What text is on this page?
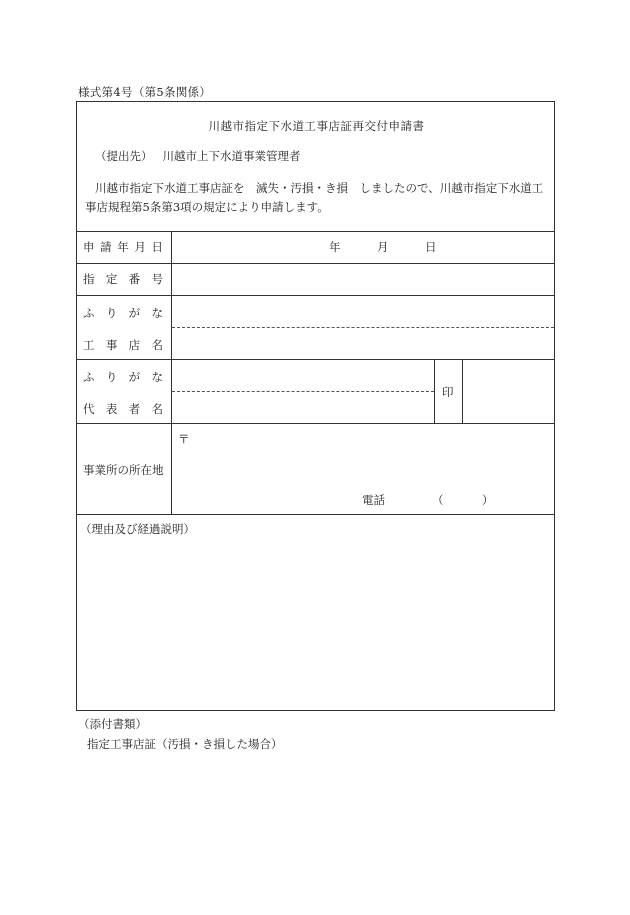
様式第4号（第5条関係）
川越市指定下水道工事店証再交付申請書
（提出先） 川越市上下水道事業管理者
川越市指定下水道工事店証を　滅失・汚損・き損　しましたので、川越市指定下水道工事店規程第5条第3項の規定により申請します。
申 請 年 月 日	年	月	日
指 定 番 号
ふ り が な
工 事 店 名
ふ り が な
代 表 者 名
印
事業所の所在地
〒
電話	（	）
（理由及び経過説明）
（添付書類）
指定工事店証（汚損・き損した場合）
